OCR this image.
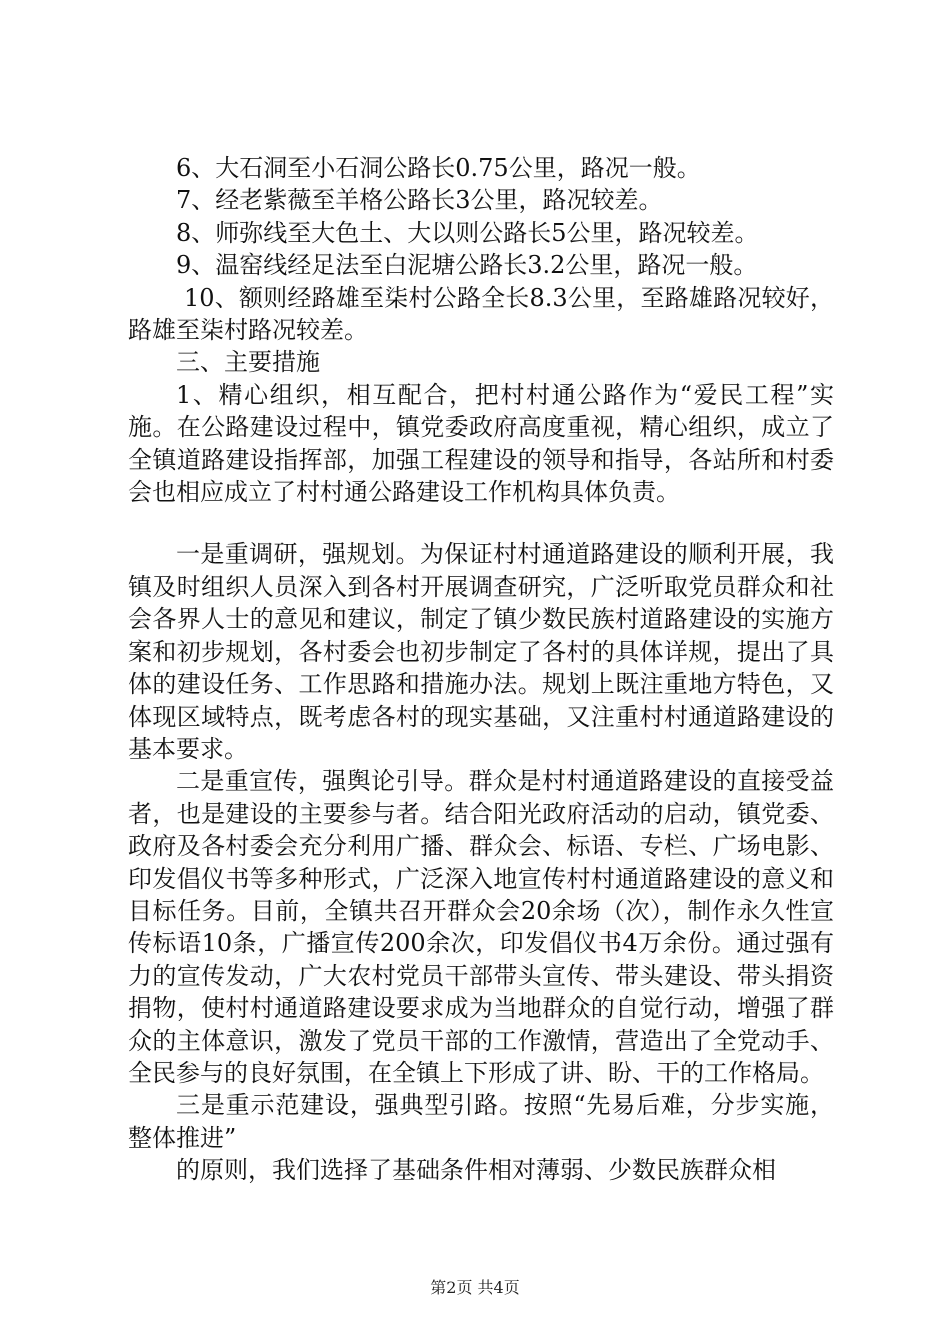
6、大石洞至小石洞公路长0.75公里，路况一般。

7、经老紫薇至羊格公路长3公里，路况较差。

8、师弥线至大色土、大以则公路长5公里，路况较差。

9、温窑线经足法至白泥塘公路长3.2公里，路况一般。

10、额则经路雄至柒村公路全长8.3公里，至路雄路况较好，路雄至柒村路况较差。

三、主要措施

1、精心组织，相互配合，把村村通公路作为“爱民工程”实施。在公路建设过程中，镇党委政府高度重视，精心组织，成立了全镇道路建设指挥部，加强工程建设的领导和指导，各站所和村委会也相应成立了村村通公路建设工作机构具体负责。

一是重调研，强规划。为保证村村通道路建设的顺利开展，我镇及时组织人员深入到各村开展调查研究，广泛听取党员群众和社会各界人士的意见和建议，制定了镇少数民族村道路建设的实施方案和初步规划，各村委会也初步制定了各村的具体详规，提出了具体的建设任务、工作思路和措施办法。规划上既注重地方特色，又体现区域特点，既考虑各村的现实基础，又注重村村通道路建设的基本要求。

二是重宣传，强舆论引导。群众是村村通道路建设的直接受益者，也是建设的主要参与者。结合阳光政府活动的启动，镇党委、政府及各村委会充分利用广播、群众会、标语、专栏、广场电影、印发倡仪书等多种形式，广泛深入地宣传村村通道路建设的意义和目标任务。目前，全镇共召开群众会20余场（次），制作永久性宣传标语10条，广播宣传200余次，印发倡仪书4万余份。通过强有力的宣传发动，广大农村党员干部带头宣传、带头建设、带头捐资捐物，使村村通道路建设要求成为当地群众的自觉行动，增强了群众的主体意识，激发了党员干部的工作激情，营造出了全党动手、全民参与的良好氛围，在全镇上下形成了讲、盼、干的工作格局。

三是重示范建设，强典型引路。按照“先易后难，分步实施，整体推进”

的原则，我们选择了基础条件相对薄弱、少数民族群众相

第2页 共4页
